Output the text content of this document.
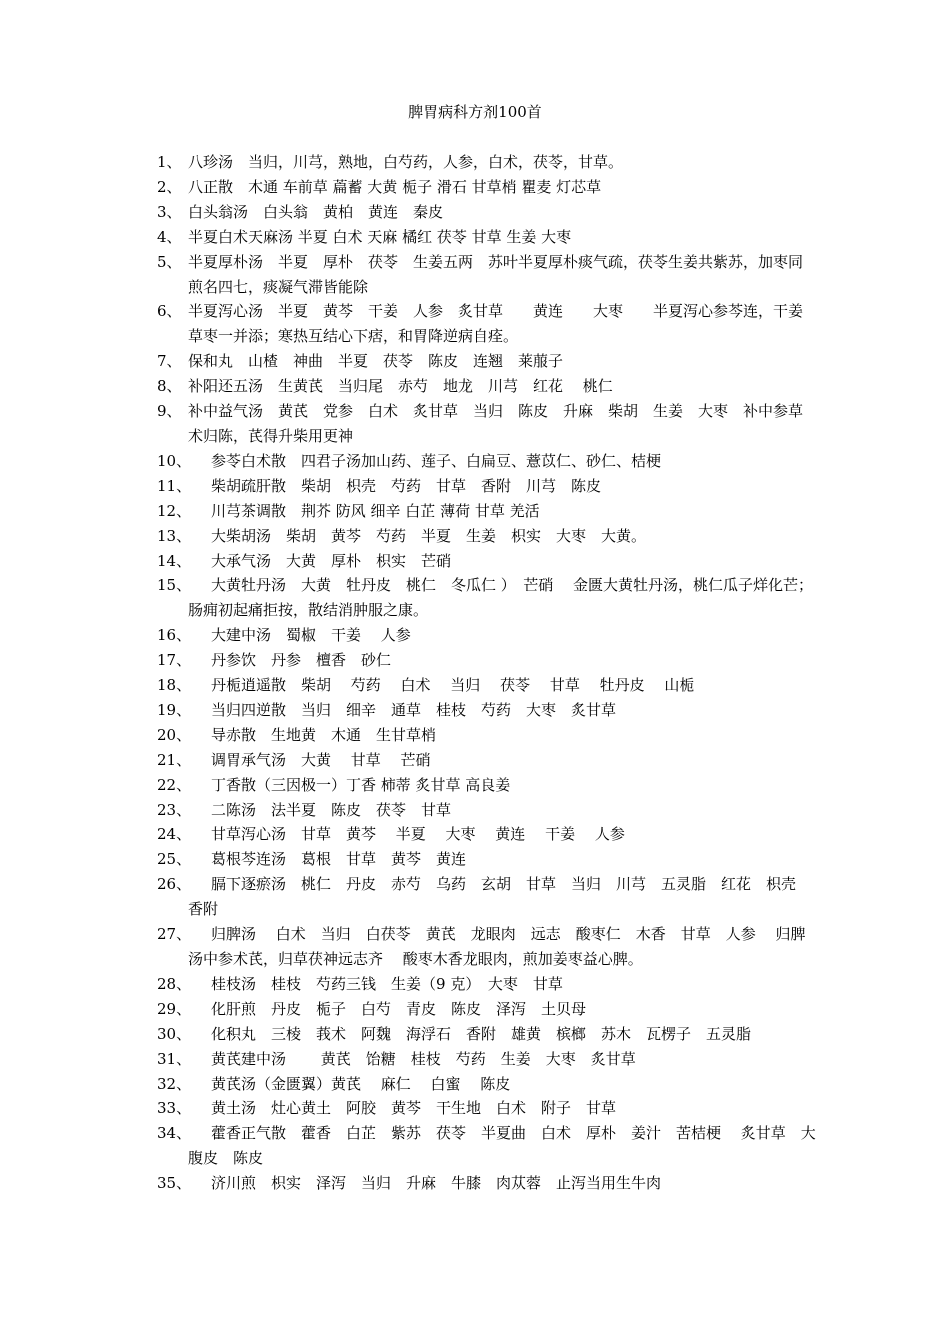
脾胃病科方剂100首
1、 八珍汤　当归，川芎，熟地，白芍药，人参，白术，茯苓，甘草。
2、 八正散　木通 车前草 萹蓄 大黄 栀子 滑石 甘草梢 瞿麦 灯芯草
3、 白头翁汤　白头翁　黄柏　黄连　秦皮
4、 半夏白术天麻汤 半夏 白术 天麻 橘红 茯苓 甘草 生姜 大枣
5、 半夏厚朴汤　半夏　厚朴　茯苓　生姜五两　苏叶半夏厚朴痰气疏，茯苓生姜共紫苏，加枣同煎名四七，痰凝气滞皆能除
6、 半夏泻心汤　半夏　黄芩　干姜　人参　炙甘草　　黄连　　大枣　　半夏泻心参芩连，干姜草枣一并添；寒热互结心下痞，和胃降逆病自痊。
7、 保和丸　山楂　神曲　半夏　茯苓　陈皮　连翘　莱菔子
8、 补阳还五汤　生黄芪　当归尾　赤芍　地龙　川芎　红花　 桃仁
9、 补中益气汤　黄芪　党参　白术　炙甘草　当归　陈皮　升麻　柴胡　生姜　大枣　补中参草术归陈，芪得升柴用更神
10、	参苓白术散　四君子汤加山药、莲子、白扁豆、薏苡仁、砂仁、桔梗
11、	柴胡疏肝散　柴胡　枳壳　芍药　甘草　香附　川芎　陈皮
12、	川芎茶调散　荆芥 防风 细辛 白芷 薄荷 甘草 羌活
13、	大柴胡汤　柴胡　黄芩　芍药　半夏　生姜　枳实　大枣　大黄。
14、	大承气汤　大黄　厚朴　枳实　芒硝
15、	大黄牡丹汤　大黄　牡丹皮　桃仁　冬瓜仁 ）　芒硝　 金匮大黄牡丹汤，桃仁瓜子烊化芒；肠痈初起痛拒按，散结消肿服之康。
16、	大建中汤　蜀椒　干姜　 人参
17、	丹参饮　丹参　檀香　砂仁
18、	丹栀逍遥散　柴胡　 芍药　 白术　 当归　 茯苓　 甘草　 牡丹皮　 山栀
19、	当归四逆散　当归　细辛　通草　桂枝　芍药　大枣　炙甘草
20、	导赤散　生地黄　木通　生甘草梢
21、	调胃承气汤　大黄　 甘草　 芒硝
22、	丁香散（三因极一）丁香 柿蒂 炙甘草 高良姜
23、	二陈汤　法半夏　陈皮　茯苓　甘草
24、	甘草泻心汤　甘草　黄芩　 半夏　 大枣　 黄连　 干姜　 人参
25、	葛根芩连汤　葛根　甘草　黄芩　黄连
26、	膈下逐瘀汤　桃仁　丹皮　赤芍　乌药　玄胡　甘草　当归　川芎　五灵脂　红花　枳壳　香附
27、	归脾汤　 白术　当归　白茯苓　黄芪　龙眼肉　远志　酸枣仁　木香　甘草　人参　 归脾汤中参术芪，归草茯神远志齐　 酸枣木香龙眼肉，煎加姜枣益心脾。
28、	桂枝汤　桂枝　芍药三钱　生姜（9 克）　大枣　甘草
29、	化肝煎　丹皮　栀子　白芍　青皮　陈皮　泽泻　土贝母
30、	化积丸　三棱　莪术　阿魏　海浮石　香附　雄黄　槟榔　苏木　瓦楞子　五灵脂
31、	黄芪建中汤　　 黄芪　饴糖　桂枝　芍药　生姜　大枣　炙甘草
32、	黄芪汤（金匮翼）黄芪　 麻仁　 白蜜　 陈皮
33、	黄土汤　灶心黄土　阿胶　黄芩　干生地　白术　附子　甘草
34、	藿香正气散　藿香　白芷　紫苏　茯苓　半夏曲　白术　厚朴　姜汁　苦桔梗　 炙甘草　大腹皮　陈皮
35、	济川煎　枳实　泽泻　当归　升麻　牛膝　肉苁蓉　止泻当用生牛肉
